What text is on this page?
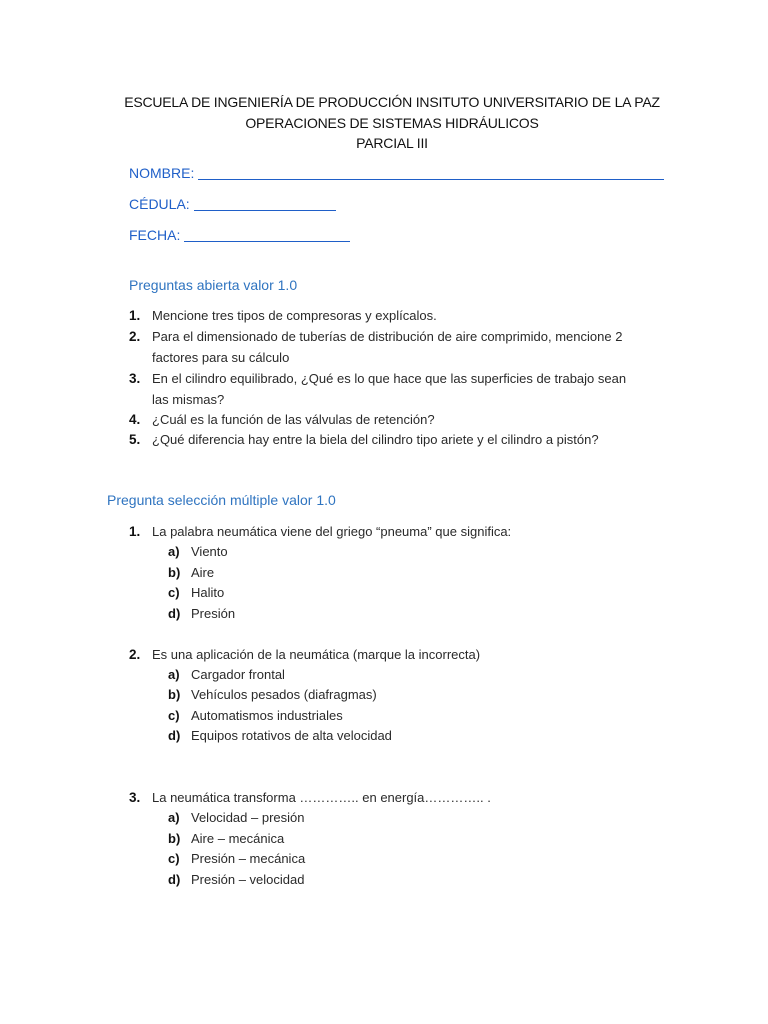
ESCUELA DE INGENIERÍA DE PRODUCCIÓN INSITUTO UNIVERSITARIO DE LA PAZ
OPERACIONES DE SISTEMAS HIDRÁULICOS
PARCIAL III
NOMBRE:
CÉDULA:
FECHA:
Preguntas abierta valor 1.0
1. Mencione tres tipos de compresoras y explícalos.
2. Para el dimensionado de tuberías de distribución de aire comprimido, mencione 2
factores para su cálculo
3. En el cilindro equilibrado, ¿Qué es lo que hace que las superficies de trabajo sean
las mismas?
4. ¿Cuál es la función de las válvulas de retención?
5. ¿Qué diferencia hay entre la biela del cilindro tipo ariete y el cilindro a pistón?
Pregunta selección múltiple valor 1.0
1. La palabra neumática viene del griego “pneuma” que significa:
a) Viento
b) Aire
c) Halito
d) Presión
2. Es una aplicación de la neumática (marque la incorrecta)
a) Cargador frontal
b) Vehículos pesados (diafragmas)
c) Automatismos industriales
d) Equipos rotativos de alta velocidad
3. La neumática transforma ………….. en energía………….. .
a) Velocidad – presión
b) Aire – mecánica
c) Presión – mecánica
d) Presión – velocidad
